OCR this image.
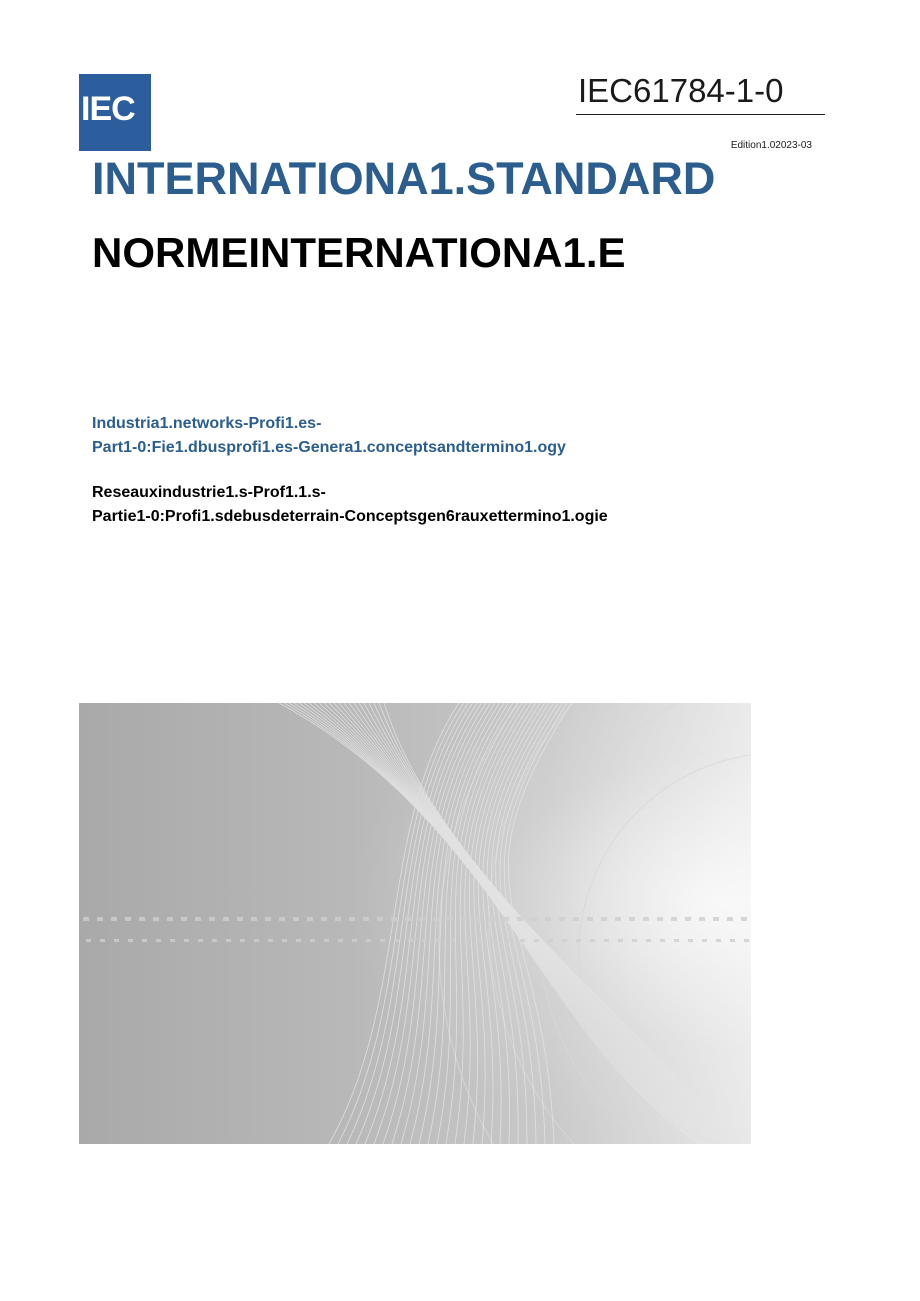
IEC	IEC61784-1-0
Edition1.02023-03
INTERNATIONA1.STANDARD
NORMEINTERNATIONA1.E
Industria1.networks-Profi1.es-
Part1-0:Fie1.dbusprofi1.es-Genera1.conceptsandtermino1.ogy
Reseauxindustrie1.s-Prof1.1.s-
Partie1-0:Profi1.sdebusdeterrain-Conceptsgen6rauxettermino1.ogie
